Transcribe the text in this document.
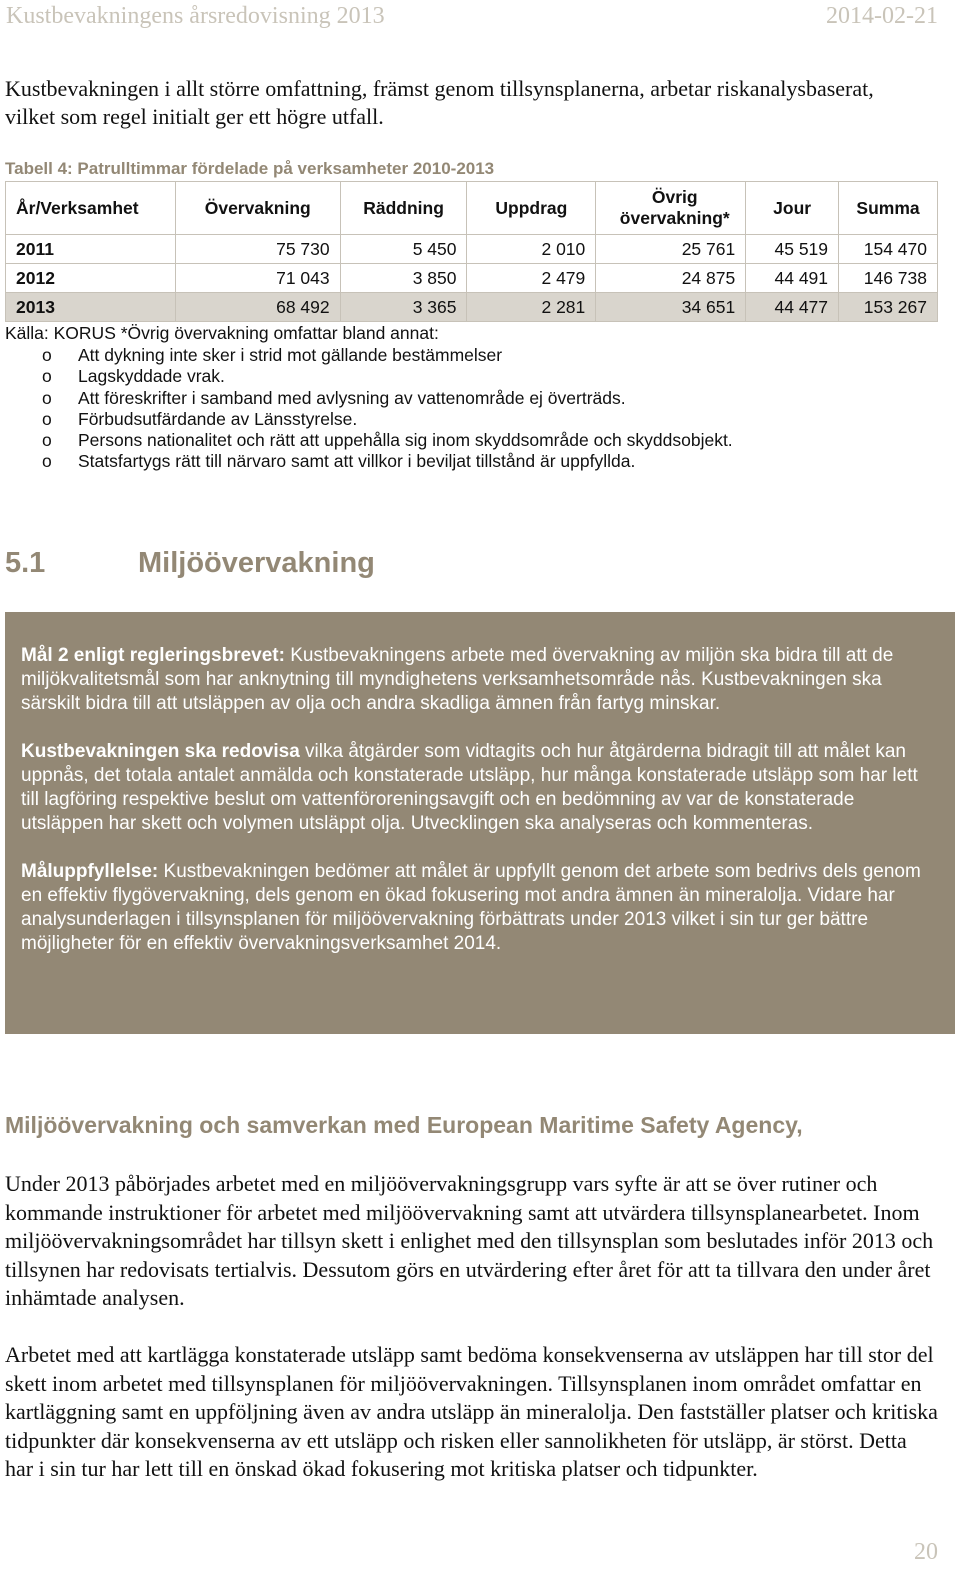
Kustbevakningens årsredovisning 2013	2014-02-21
Kustbevakningen i allt större omfattning, främst genom tillsynsplanerna, arbetar riskanalysbaserat, vilket som regel initialt ger ett högre utfall.
Tabell 4: Patrulltimmar fördelade på verksamheter 2010-2013
År/Verksamhet	Övervakning	Räddning	Uppdrag	Övrig övervakning*	Jour	Summa
2011	75 730	5 450	2 010	25 761	45 519	154 470
2012	71 043	3 850	2 479	24 875	44 491	146 738
2013	68 492	3 365	2 281	34 651	44 477	153 267
Källa: KORUS *Övrig övervakning omfattar bland annat:
o Att dykning inte sker i strid mot gällande bestämmelser
o Lagskyddade vrak.
o Att föreskrifter i samband med avlysning av vattenområde ej överträds.
o Förbudsutfärdande av Länsstyrelse.
o Persons nationalitet och rätt att uppehålla sig inom skyddsområde och skyddsobjekt.
o Statsfartygs rätt till närvaro samt att villkor i beviljat tillstånd är uppfyllda.
5.1	Miljöövervakning

Mål 2 enligt regleringsbrevet: Kustbevakningens arbete med övervakning av miljön ska bidra till att de miljökvalitetsmål som har anknytning till myndighetens verksamhetsområde nås. Kustbevakningen ska särskilt bidra till att utsläppen av olja och andra skadliga ämnen från fartyg minskar.

Kustbevakningen ska redovisa vilka åtgärder som vidtagits och hur åtgärderna bidragit till att målet kan uppnås, det totala antalet anmälda och konstaterade utsläpp, hur många konstaterade utsläpp som har lett till lagföring respektive beslut om vattenföroreningsavgift och en bedömning av var de konstaterade utsläppen har skett och volymen utsläppt olja. Utvecklingen ska analyseras och kommenteras.

Måluppfyllelse: Kustbevakningen bedömer att målet är uppfyllt genom det arbete som bedrivs dels genom en effektiv flygövervakning, dels genom en ökad fokusering mot andra ämnen än mineralolja. Vidare har analysunderlagen i tillsynsplanen för miljöövervakning förbättrats under 2013 vilket i sin tur ger bättre möjligheter för en effektiv övervakningsverksamhet 2014.

Miljöövervakning och samverkan med European Maritime Safety Agency,
Under 2013 påbörjades arbetet med en miljöövervakningsgrupp vars syfte är att se över rutiner och kommande instruktioner för arbetet med miljöövervakning samt att utvärdera tillsynsplanearbetet. Inom miljöövervakningsområdet har tillsyn skett i enlighet med den tillsynsplan som beslutades inför 2013 och tillsynen har redovisats tertialvis. Dessutom görs en utvärdering efter året för att ta tillvara den under året inhämtade analysen.
Arbetet med att kartlägga konstaterade utsläpp samt bedöma konsekvenserna av utsläppen har till stor del skett inom arbetet med tillsynsplanen för miljöövervakningen. Tillsynsplanen inom området omfattar en kartläggning samt en uppföljning även av andra utsläpp än mineralolja. Den fastställer platser och kritiska tidpunkter där konsekvenserna av ett utsläpp och risken eller sannolikheten för utsläpp, är störst. Detta har i sin tur har lett till en önskad ökad fokusering mot kritiska platser och tidpunkter.
20
